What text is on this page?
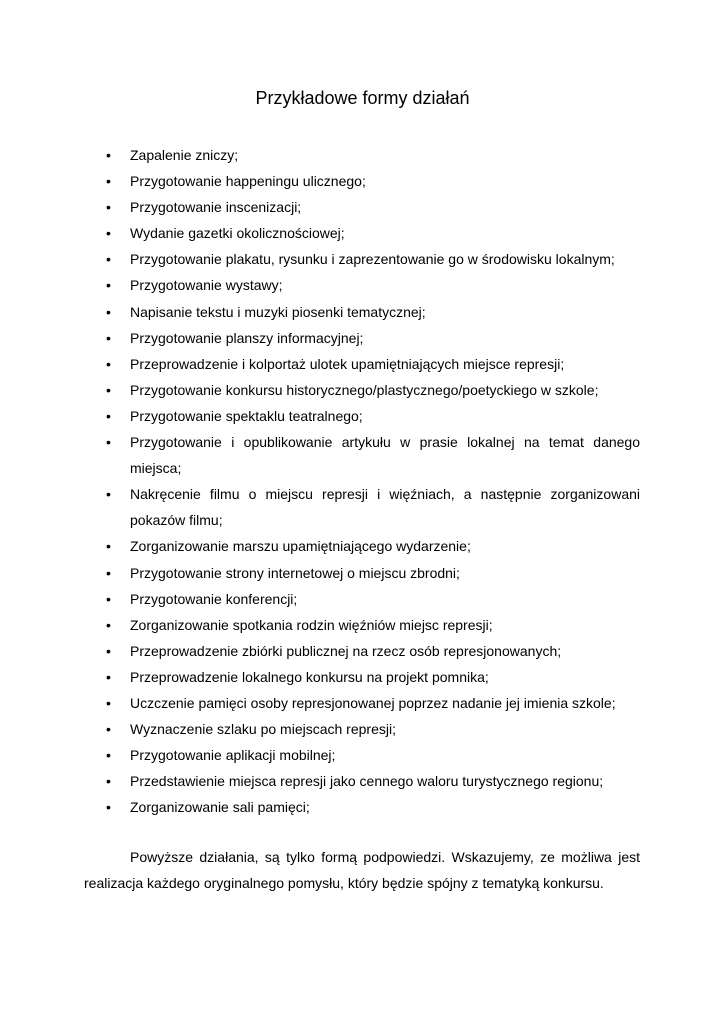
Przykładowe formy działań
• Zapalenie zniczy;
• Przygotowanie happeningu ulicznego;
• Przygotowanie inscenizacji;
• Wydanie gazetki okolicznościowej;
• Przygotowanie plakatu, rysunku i zaprezentowanie go w środowisku lokalnym;
• Przygotowanie wystawy;
• Napisanie tekstu i muzyki piosenki tematycznej;
• Przygotowanie planszy informacyjnej;
• Przeprowadzenie i kolportaż ulotek upamiętniających miejsce represji;
• Przygotowanie konkursu historycznego/plastycznego/poetyckiego w szkole;
• Przygotowanie spektaklu teatralnego;
• Przygotowanie i opublikowanie artykułu w prasie lokalnej na temat danego miejsca;
• Nakręcenie filmu o miejscu represji i więźniach, a następnie zorganizowani pokazów filmu;
• Zorganizowanie marszu upamiętniającego wydarzenie;
• Przygotowanie strony internetowej o miejscu zbrodni;
• Przygotowanie konferencji;
• Zorganizowanie spotkania rodzin więźniów miejsc represji;
• Przeprowadzenie zbiórki publicznej na rzecz osób represjonowanych;
• Przeprowadzenie lokalnego konkursu na projekt pomnika;
• Uczczenie pamięci osoby represjonowanej poprzez nadanie jej imienia szkole;
• Wyznaczenie szlaku po miejscach represji;
• Przygotowanie aplikacji mobilnej;
• Przedstawienie miejsca represji jako cennego waloru turystycznego regionu;
• Zorganizowanie sali pamięci;

Powyższe działania, są tylko formą podpowiedzi. Wskazujemy, ze możliwa jest realizacja każdego oryginalnego pomysłu, który będzie spójny z tematyką konkursu.
